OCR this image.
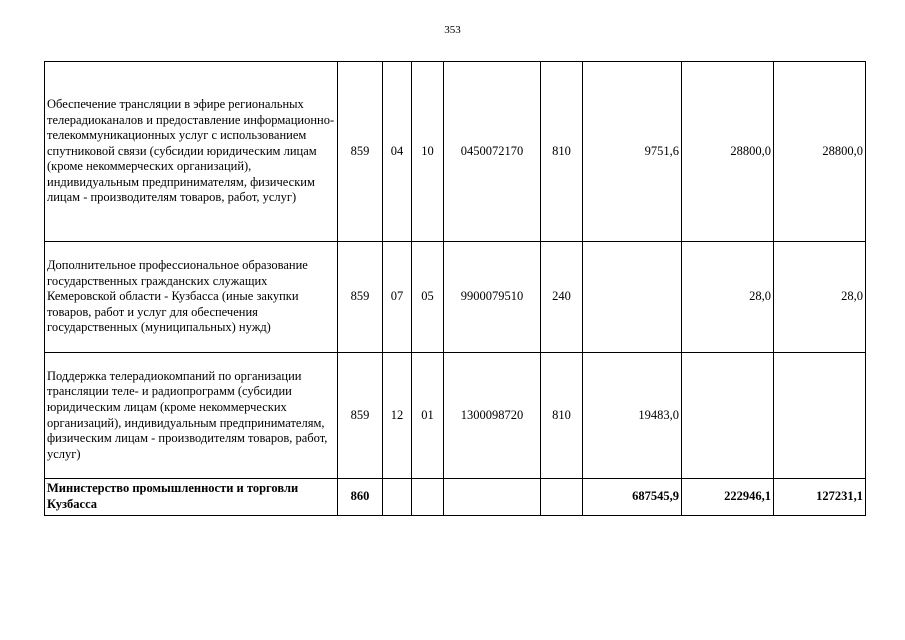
353
Обеспечение трансляции в эфире региональных телерадиоканалов и предоставление информационно-телекоммуникационных услуг с использованием спутниковой связи (субсидии юридическим лицам (кроме некоммерческих организаций), индивидуальным предпринимателям, физическим лицам - производителям товаров, работ, услуг)	859	04	10	0450072170	810	9751,6	28800,0	28800,0
Дополнительное профессиональное образование государственных гражданских служащих Кемеровской области - Кузбасса (иные закупки товаров, работ и услуг для обеспечения государственных (муниципальных) нужд)	859	07	05	9900079510	240		28,0	28,0
Поддержка телерадиокомпаний по организации трансляции теле- и радиопрограмм (субсидии юридическим лицам (кроме некоммерческих организаций), индивидуальным предпринимателям, физическим лицам - производителям товаров, работ, услуг)	859	12	01	1300098720	810	19483,0		
Министерство промышленности и торговли Кузбасса	860					687545,9	222946,1	127231,1
